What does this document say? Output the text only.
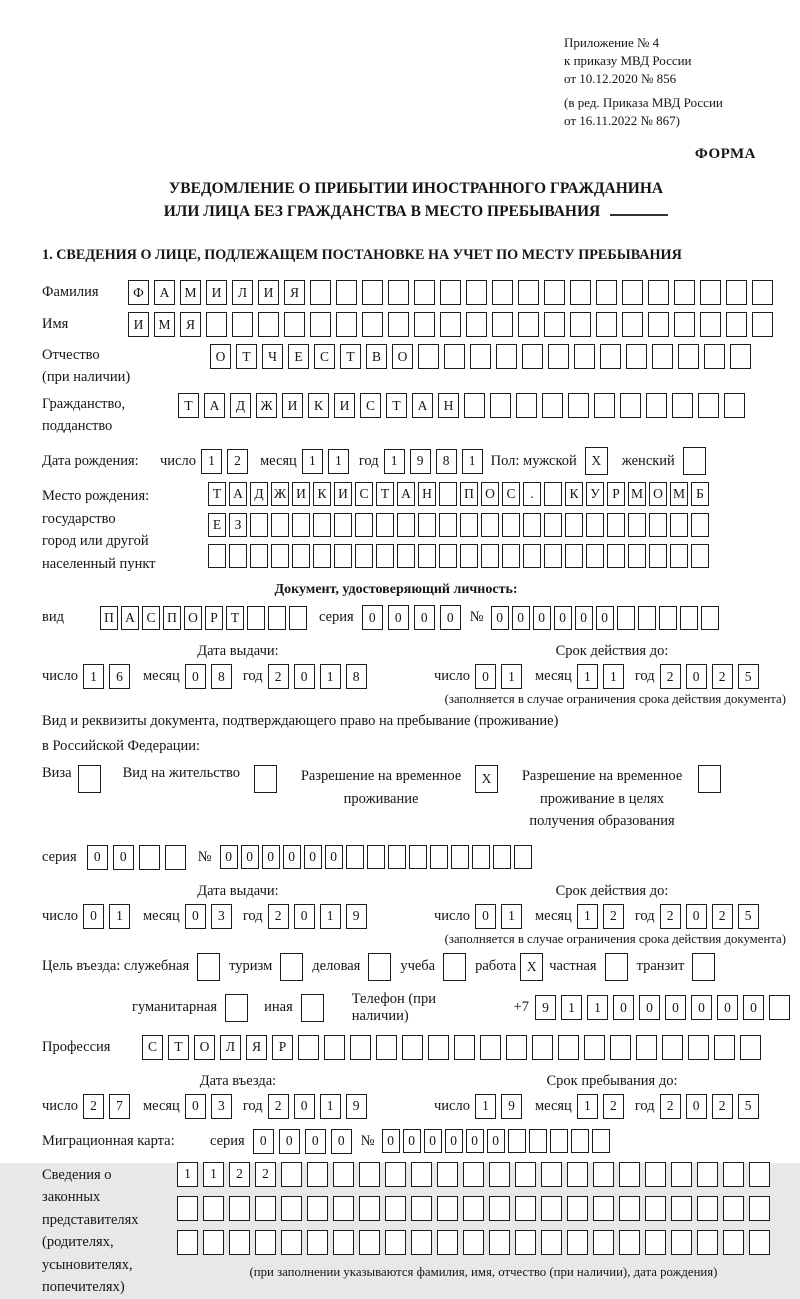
Приложение № 4
к приказу МВД России
от 10.12.2020 № 856
(в ред. Приказа МВД России
от 16.11.2022 № 867)
ФОРМА
УВЕДОМЛЕНИЕ О ПРИБЫТИИ ИНОСТРАННОГО ГРАЖДАНИНА
ИЛИ ЛИЦА БЕЗ ГРАЖДАНСТВА В МЕСТО ПРЕБЫВАНИЯ
1. СВЕДЕНИЯ О ЛИЦЕ, ПОДЛЕЖАЩЕМ ПОСТАНОВКЕ НА УЧЕТ ПО МЕСТУ ПРЕБЫВАНИЯ
Фамилия	Ф	А	М	И	Л	И	Я
Имя	И	М	Я
Отчество
(при наличии)
О	Т	Ч	Е	С	Т	В	О
Гражданство,
подданство
Т	А	Д	Ж	И	К	И	С	Т	А	Н
Дата рождения:	число 1	2	месяц 1	1	год 1	9	8	1	Пол: мужской	X	женский
Место рождения:
государство
город или другой
населенный пункт
Т А Д Ж И К И С Т А Н	П О С	.	К У Р М О М Б

Е З

Документ, удостоверяющий личность:
вид	П А С П О Р Т	серия	0	0	0	0	№ 0	0	0	0	0	0
Дата выдачи:
число 1	6	месяц 0	8	год 2	0	1	8
Срок действия до:
число 0	1	месяц 1	1	год 2	0	2	5
(заполняется в случае ограничения срока действия документа)
Вид и реквизиты документа, подтверждающего право на пребывание (проживание)
в Российской Федерации:
Виза	Вид на жительство	Разрешение на временное проживание
X	Разрешение на временное проживание в целях получения образования
серия	0	0	№	0	0	0	0	0	0
Дата выдачи:
число 0	1	месяц 0	3	год 2	0	1	9
Срок действия до:
число 0	1	месяц 1	2	год 2	0	2	5
(заполняется в случае ограничения срока действия документа)
Цель въезда: служебная	туризм	деловая	учеба	работа X частная	транзит
гуманитарная	иная
Телефон (при наличии)
+7 9	1	1	0	0	0	0	0	0
Профессия	С	Т	О	Л	Я	Р
Дата въезда:
число 2	7	месяц 0	3	год 2	0	1	9
Срок пребывания до:
число 1	9	месяц 1	2	год 2	0	2	5
Миграционная карта:	серия	0	0	0	0	№ 0	0	0	0	0	0
Сведения о
законных
представителях
(родителях,
усыновителях,
попечителях)
1	1	2	2

(при заполнении указываются фамилия, имя, отчество (при наличии), дата рождения)
